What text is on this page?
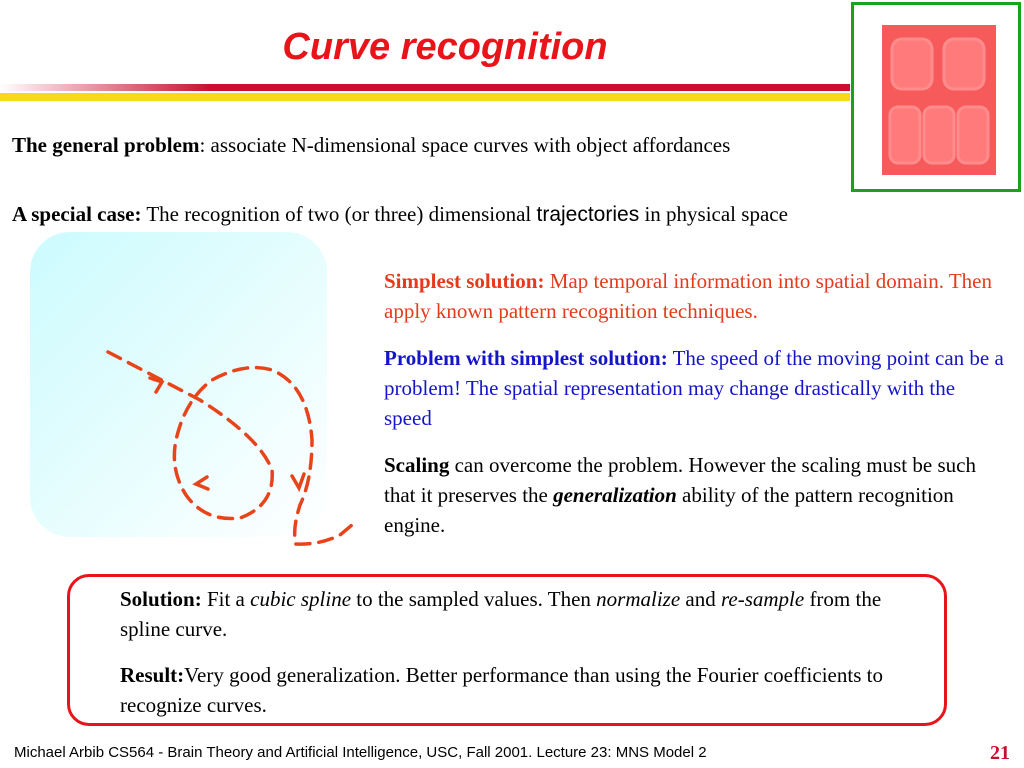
Curve recognition
The general problem: associate N-dimensional space curves with object affordances
A special case: The recognition of two (or three) dimensional trajectories in physical space
Simplest solution: Map temporal information into spatial domain. Then apply known pattern recognition techniques.
Problem with simplest solution: The speed of the moving point can be a problem! The spatial representation may change drastically with the speed
Scaling can overcome the problem. However the scaling must be such that it preserves the generalization ability of the pattern recognition engine.
Solution: Fit a cubic spline to the sampled values. Then normalize and re-sample from the spline curve.
Result:Very good generalization. Better performance than using the Fourier coefficients to recognize curves.
Michael Arbib CS564 - Brain Theory and Artificial Intelligence, USC, Fall 2001. Lecture 23: MNS Model 2	21
